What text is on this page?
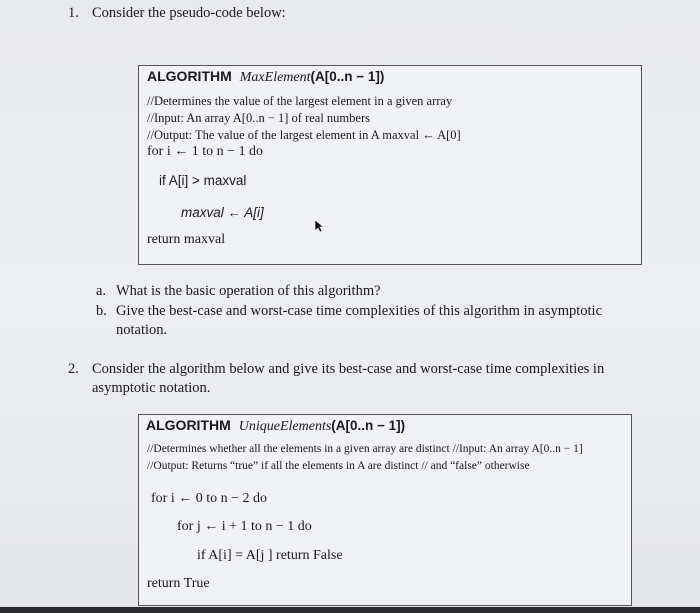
1. Consider the pseudo-code below:
ALGORITHM MaxElement(A[0..n − 1])
//Determines the value of the largest element in a given array
//Input: An array A[0..n − 1] of real numbers
//Output: The value of the largest element in A maxval ← A[0]
for i ← 1 to n − 1 do
if A[i] > maxval
maxval ← A[i]
return maxval
a. What is the basic operation of this algorithm?
b. Give the best-case and worst-case time complexities of this algorithm in asymptotic notation.
2. Consider the algorithm below and give its best-case and worst-case time complexities in asymptotic notation.
ALGORITHM UniqueElements(A[0..n − 1])
//Determines whether all the elements in a given array are distinct //Input: An array A[0..n − 1]
//Output: Returns “true” if all the elements in A are distinct // and “false” otherwise
for i ← 0 to n − 2 do
for j ← i + 1 to n − 1 do
if A[i] = A[j ] return False
return True
